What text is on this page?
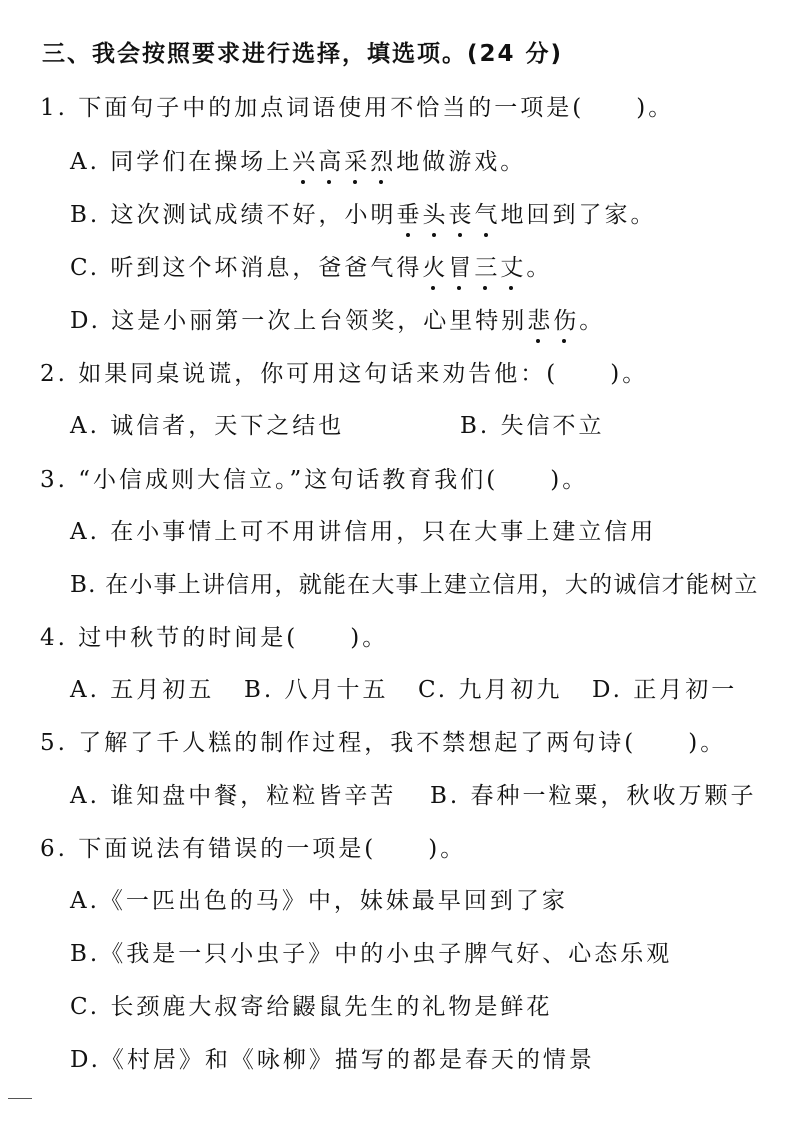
三、我会按照要求进行选择，填选项。(24 分)
1. 下面句子中的加点词语使用不恰当的一项是( )。
A. 同学们在操场上兴高采烈地做游戏。
B. 这次测试成绩不好，小明垂头丧气地回到了家。
C. 听到这个坏消息，爸爸气得火冒三丈。
D. 这是小丽第一次上台领奖，心里特别悲伤。
2. 如果同桌说谎，你可用这句话来劝告他：( )。
A. 诚信者，天下之结也	B. 失信不立
3. “小信成则大信立。”这句话教育我们( )。
A. 在小事情上可不用讲信用，只在大事上建立信用
B. 在小事上讲信用，就能在大事上建立信用，大的诚信才能树立
4. 过中秋节的时间是( )。
A. 五月初五 B. 八月十五 C. 九月初九 D. 正月初一
5. 了解了千人糕的制作过程，我不禁想起了两句诗( )。
A. 谁知盘中餐，粒粒皆辛苦 B. 春种一粒粟，秋收万颗子
6. 下面说法有错误的一项是( )。
A.《一匹出色的马》中，妹妹最早回到了家
B.《我是一只小虫子》中的小虫子脾气好、心态乐观
C. 长颈鹿大叔寄给鼹鼠先生的礼物是鲜花
D.《村居》和《咏柳》描写的都是春天的情景
